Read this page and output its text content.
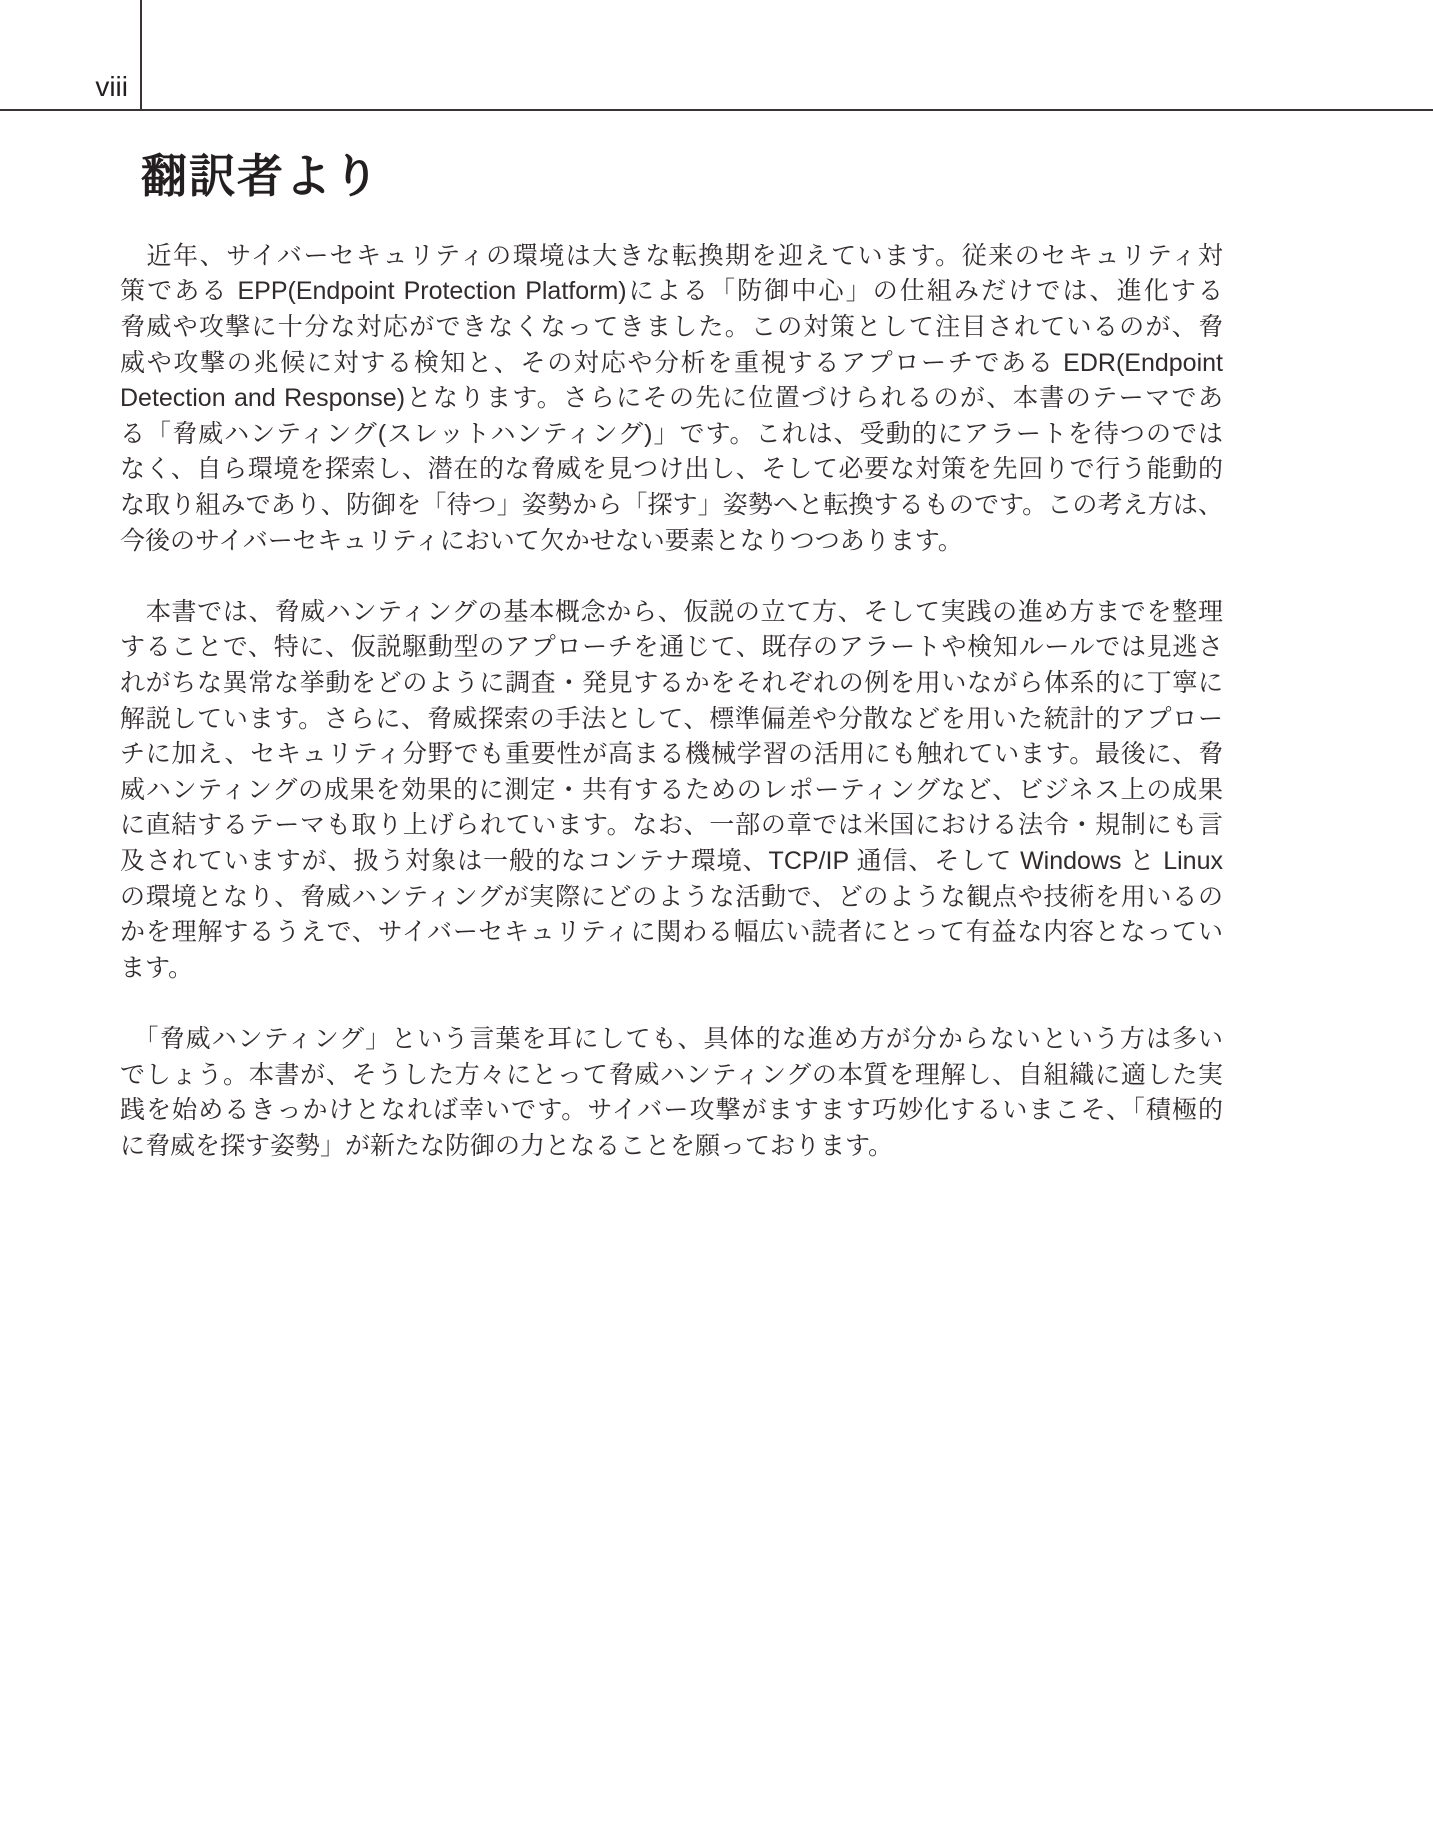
viii
翻訳者より
　近年、サイバーセキュリティの環境は大きな転換期を迎えています。従来のセキュリティ対
策である EPP(Endpoint Protection Platform)による「防御中心」の仕組みだけでは、進化する
脅威や攻撃に十分な対応ができなくなってきました。この対策として注目されているのが、脅
威や攻撃の兆候に対する検知と、その対応や分析を重視するアプローチである EDR(Endpoint
Detection and Response)となります。さらにその先に位置づけられるのが、本書のテーマであ
る「脅威ハンティング(スレットハンティング)」です。これは、受動的にアラートを待つのでは
なく、自ら環境を探索し、潜在的な脅威を見つけ出し、そして必要な対策を先回りで行う能動的
な取り組みであり、防御を「待つ」姿勢から「探す」姿勢へと転換するものです。この考え方は、
今後のサイバーセキュリティにおいて欠かせない要素となりつつあります。
　本書では、脅威ハンティングの基本概念から、仮説の立て方、そして実践の進め方までを整理
することで、特に、仮説駆動型のアプローチを通じて、既存のアラートや検知ルールでは見逃さ
れがちな異常な挙動をどのように調査・発見するかをそれぞれの例を用いながら体系的に丁寧に
解説しています。さらに、脅威探索の手法として、標準偏差や分散などを用いた統計的アプロー
チに加え、セキュリティ分野でも重要性が高まる機械学習の活用にも触れています。最後に、脅
威ハンティングの成果を効果的に測定・共有するためのレポーティングなど、ビジネス上の成果
に直結するテーマも取り上げられています。なお、一部の章では米国における法令・規制にも言
及されていますが、扱う対象は一般的なコンテナ環境、TCP/IP 通信、そして Windows と Linux
の環境となり、脅威ハンティングが実際にどのような活動で、どのような観点や技術を用いるの
かを理解するうえで、サイバーセキュリティに関わる幅広い読者にとって有益な内容となってい
ます。
　「脅威ハンティング」という言葉を耳にしても、具体的な進め方が分からないという方は多い
でしょう。本書が、そうした方々にとって脅威ハンティングの本質を理解し、自組織に適した実
践を始めるきっかけとなれば幸いです。サイバー攻撃がますます巧妙化するいまこそ、「積極的
に脅威を探す姿勢」が新たな防御の力となることを願っております。
